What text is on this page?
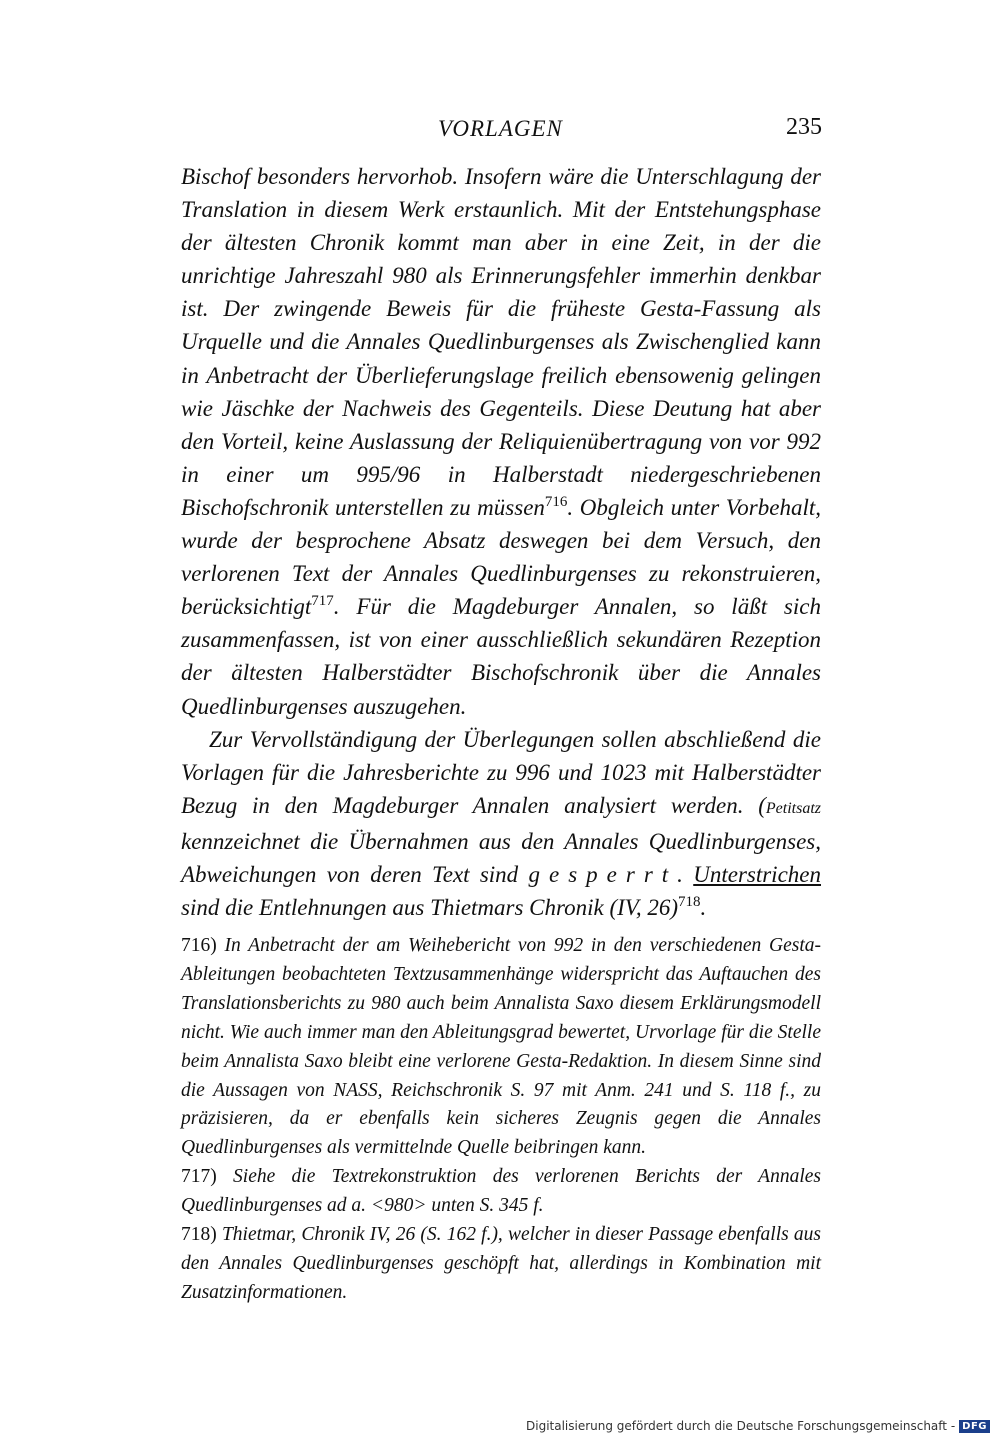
VORLAGEN	235

Bischof besonders hervorhob. Insofern wäre die Unterschlagung der Translation in diesem Werk erstaunlich. Mit der Entstehungsphase der ältesten Chronik kommt man aber in eine Zeit, in der die unrichtige Jahreszahl 980 als Erinnerungsfehler immerhin denkbar ist. Der zwingende Beweis für die früheste Gesta-Fassung als Urquelle und die Annales Quedlinburgenses als Zwischenglied kann in Anbetracht der Überlieferungslage freilich ebensowenig gelingen wie Jäschke der Nachweis des Gegenteils. Diese Deutung hat aber den Vorteil, keine Auslassung der Reliquienübertragung von vor 992 in einer um 995/96 in Halberstadt niedergeschriebenen Bischofschronik unterstellen zu müssen$^{716}$. Obgleich unter Vorbehalt, wurde der besprochene Absatz deswegen bei dem Versuch, den verlorenen Text der Annales Quedlinburgenses zu rekonstruieren, berücksichtigt$^{717}$. Für die Magdeburger Annalen, so läßt sich zusammenfassen, ist von einer ausschließlich sekundären Rezeption der ältesten Halberstädter Bischofschronik über die Annales Quedlinburgenses auszugehen.

Zur Vervollständigung der Überlegungen sollen abschließend die Vorlagen für die Jahresberichte zu 996 und 1023 mit Halberstädter Bezug in den Magdeburger Annalen analysiert werden. (Petitsatz kennzeichnet die Übernahmen aus den Annales Quedlinburgenses, Abweichungen von deren Text sind gesperrt. Unterstrichen sind die Entlehnungen aus Thietmars Chronik (IV, 26)$^{718}$.

716) In Anbetracht der am Weihebericht von 992 in den verschiedenen Gesta-Ableitungen beobachteten Textzusammenhänge widerspricht das Auftauchen des Translationsberichts zu 980 auch beim Annalista Saxo diesem Erklärungsmodell nicht. Wie auch immer man den Ableitungsgrad bewertet, Urvorlage für die Stelle beim Annalista Saxo bleibt eine verlorene Gesta-Redaktion. In diesem Sinne sind die Aussagen von NASS, Reichschronik S. 97 mit Anm. 241 und S. 118 f., zu präzisieren, da er ebenfalls kein sicheres Zeugnis gegen die Annales Quedlinburgenses als vermittelnde Quelle beibringen kann.

717) Siehe die Textrekonstruktion des verlorenen Berichts der Annales Quedlinburgenses ad a. <980> unten S. 345 f.

718) Thietmar, Chronik IV, 26 (S. 162 f.), welcher in dieser Passage ebenfalls aus den Annales Quedlinburgenses geschöpft hat, allerdings in Kombination mit Zusatzinformationen.

Digitalisierung gefördert durch die Deutsche Forschungsgemeinschaft - DFG
